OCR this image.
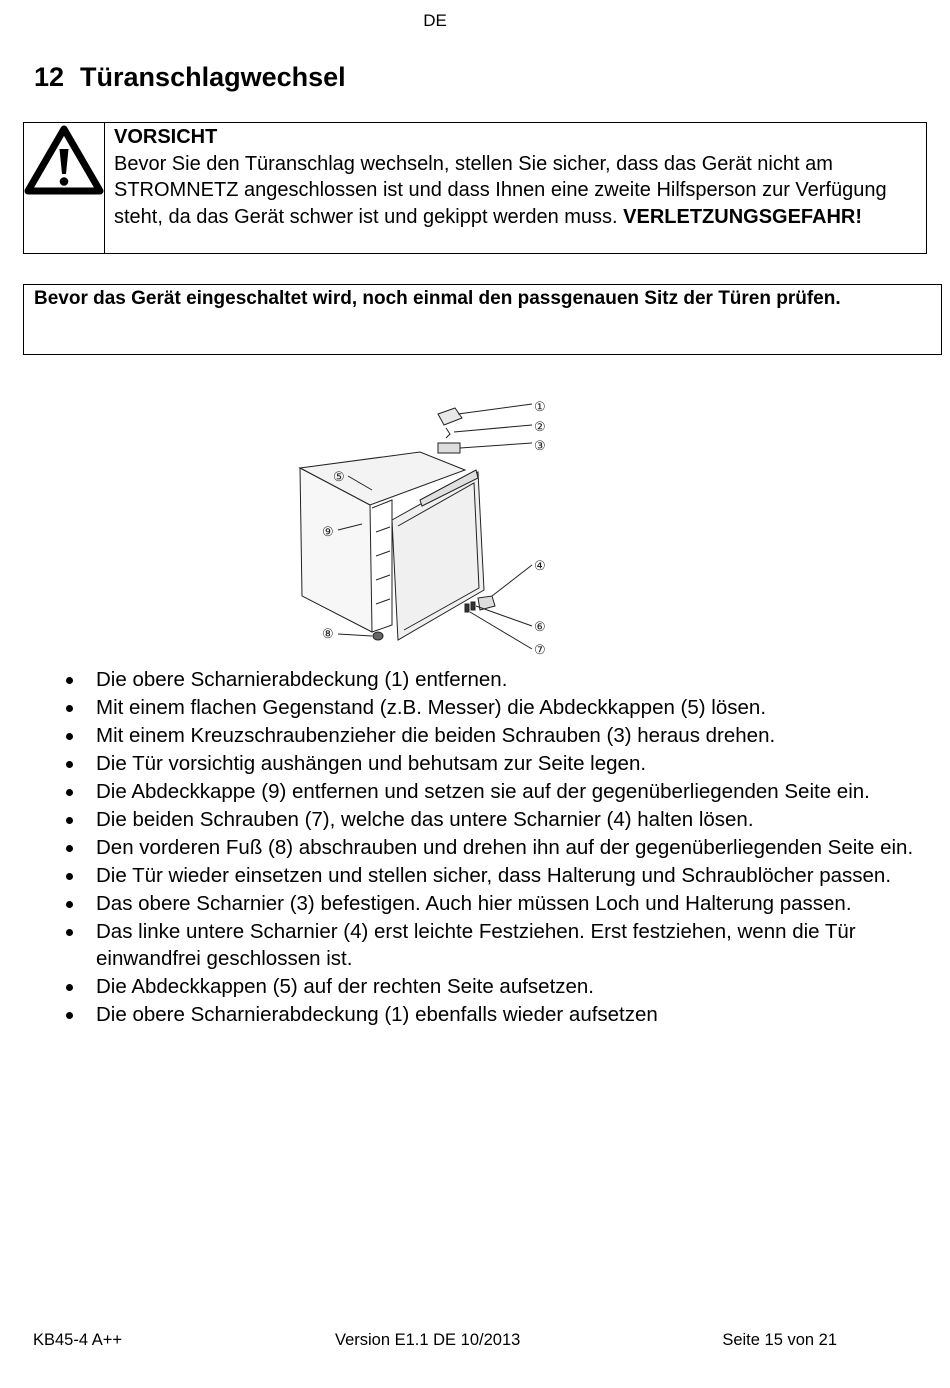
DE
12 Türanschlagwechsel
VORSICHT
Bevor Sie den Türanschlag wechseln, stellen Sie sicher, dass das Gerät nicht am STROMNETZ angeschlossen ist und dass Ihnen eine zweite Hilfsperson zur Verfügung steht, da das Gerät schwer ist und gekippt werden muss. VERLETZUNGSGEFAHR!
Bevor das Gerät eingeschaltet wird, noch einmal den passgenauen Sitz der Türen prüfen.
①
②
③
④
⑤
⑥
⑦
⑧
⑨
Die obere Scharnierabdeckung (1) entfernen.
Mit einem flachen Gegenstand (z.B. Messer) die Abdeckkappen (5) lösen.
Mit einem Kreuzschraubenzieher die beiden Schrauben (3) heraus drehen.
Die Tür vorsichtig aushängen und behutsam zur Seite legen.
Die Abdeckkappe (9) entfernen und setzen sie auf der gegenüberliegenden Seite ein.
Die beiden Schrauben (7), welche das untere Scharnier (4) halten lösen.
Den vorderen Fuß (8) abschrauben und drehen ihn auf der gegenüberliegenden Seite ein.
Die Tür wieder einsetzen und stellen sicher, dass Halterung und Schraublöcher passen.
Das obere Scharnier (3) befestigen. Auch hier müssen Loch und Halterung passen.
Das linke untere Scharnier (4) erst leichte Festziehen. Erst festziehen, wenn die Tür einwandfrei geschlossen ist.
Die Abdeckkappen (5) auf der rechten Seite aufsetzen.
Die obere Scharnierabdeckung (1) ebenfalls wieder aufsetzen
KB45-4 A++	Version E1.1 DE 10/2013	Seite 15 von 21
